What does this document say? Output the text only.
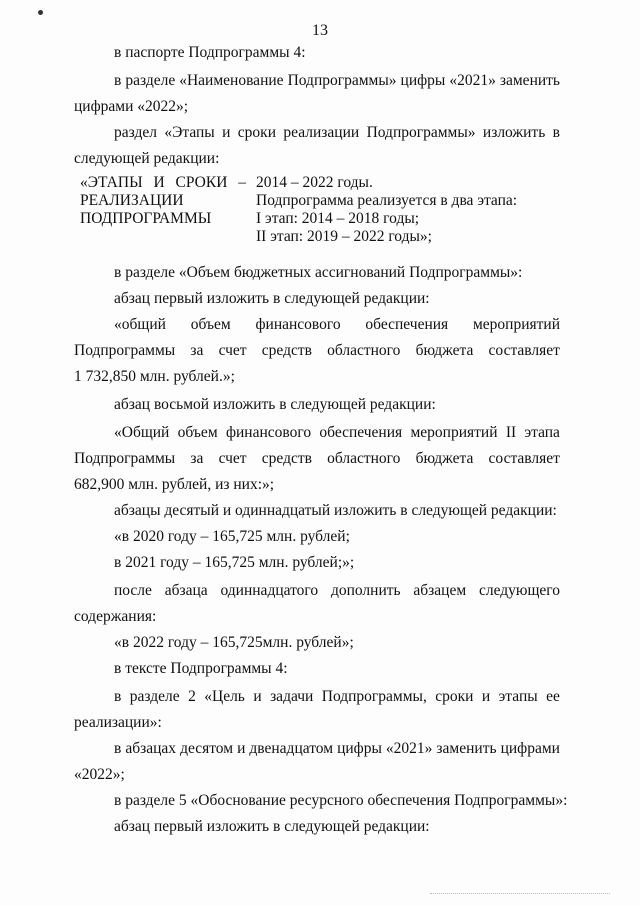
13
в паспорте Подпрограммы 4:
в разделе «Наименование Подпрограммы» цифры «2021» заменить
цифрами «2022»;
раздел «Этапы и сроки реализации Подпрограммы» изложить в
следующей редакции:
«ЭТАПЫ И СРОКИ –
РЕАЛИЗАЦИИ
ПОДПРОГРАММЫ
2014 – 2022 годы.
Подпрограмма реализуется в два этапа:
I этап: 2014 – 2018 годы;
II этап: 2019 – 2022 годы»;
в разделе «Объем бюджетных ассигнований Подпрограммы»:
абзац первый изложить в следующей редакции:
«общий объем финансового обеспечения мероприятий
Подпрограммы за счет средств областного бюджета составляет
1 732,850 млн. рублей.»;
абзац восьмой изложить в следующей редакции:
«Общий объем финансового обеспечения мероприятий II этапа
Подпрограммы за счет средств областного бюджета составляет
682,900 млн. рублей, из них:»;
абзацы десятый и одиннадцатый изложить в следующей редакции:
«в 2020 году – 165,725 млн. рублей;
в 2021 году – 165,725 млн. рублей;»;
после абзаца одиннадцатого дополнить абзацем следующего
содержания:
«в 2022 году – 165,725млн. рублей»;
в тексте Подпрограммы 4:
в разделе 2 «Цель и задачи Подпрограммы, сроки и этапы ее
реализации»:
в абзацах десятом и двенадцатом цифры «2021» заменить цифрами
«2022»;
в разделе 5 «Обоснование ресурсного обеспечения Подпрограммы»:
абзац первый изложить в следующей редакции:
